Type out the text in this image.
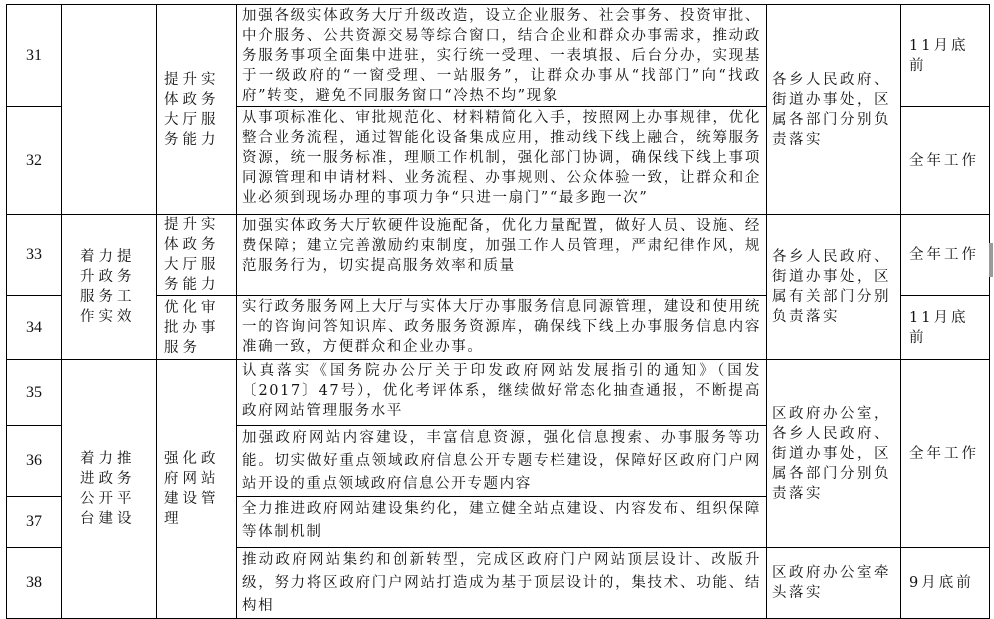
31		提升实体政务大厅服务能力	加强各级实体政务大厅升级改造，设立企业服务、社会事务、投资审批、中介服务、公共资源交易等综合窗口，结合企业和群众办事需求，推动政务服务事项全面集中进驻，实行统一受理、一表填报、后台分办，实现基于一级政府的“一窗受理、一站服务”，让群众办事从“找部门”向“找政府”转变，避免不同服务窗口“冷热不均”现象	各乡人民政府、街道办事处，区属各部门分别负责落实	11月底前
32			从事项标准化、审批规范化、材料精简化入手，按照网上办事规律，优化整合业务流程，通过智能化设备集成应用，推动线下线上融合，统筹服务资源，统一服务标准，理顺工作机制，强化部门协调，确保线下线上事项同源管理和申请材料、业务流程、办事规则、公众体验一致，让群众和企业必须到现场办理的事项力争“只进一扇门”“最多跑一次”		全年工作
33	着力提升政务服务工作实效	提升实体政务大厅服务能力	加强实体政务大厅软硬件设施配备，优化力量配置，做好人员、设施、经费保障；建立完善激励约束制度，加强工作人员管理，严肃纪律作风，规范服务行为，切实提高服务效率和质量	各乡人民政府、街道办事处，区属有关部门分别负责落实	全年工作
34		优化审批办事服务	实行政务服务网上大厅与实体大厅办事服务信息同源管理，建设和使用统一的咨询问答知识库、政务服务资源库，确保线下线上办事服务信息内容准确一致，方便群众和企业办事。		11月底前
35	着力推进政务公开平台建设	强化政府网站建设管理	认真落实《国务院办公厅关于印发政府网站发展指引的通知》（国发〔2017〕47号），优化考评体系，继续做好常态化抽查通报，不断提高政府网站管理服务水平	区政府办公室，各乡人民政府、街道办事处，区属各部门分别负责落实	全年工作
36			加强政府网站内容建设，丰富信息资源，强化信息搜索、办事服务等功能。切实做好重点领域政府信息公开专题专栏建设，保障好区政府门户网站开设的重点领域政府信息公开专题内容		
37			全力推进政府网站建设集约化，建立健全站点建设、内容发布、组织保障等体制机制		
38			推动政府网站集约和创新转型，完成区政府门户网站顶层设计、改版升级，努力将区政府门户网站打造成为基于顶层设计的，集技术、功能、结构相	区政府办公室牵头落实	9月底前
